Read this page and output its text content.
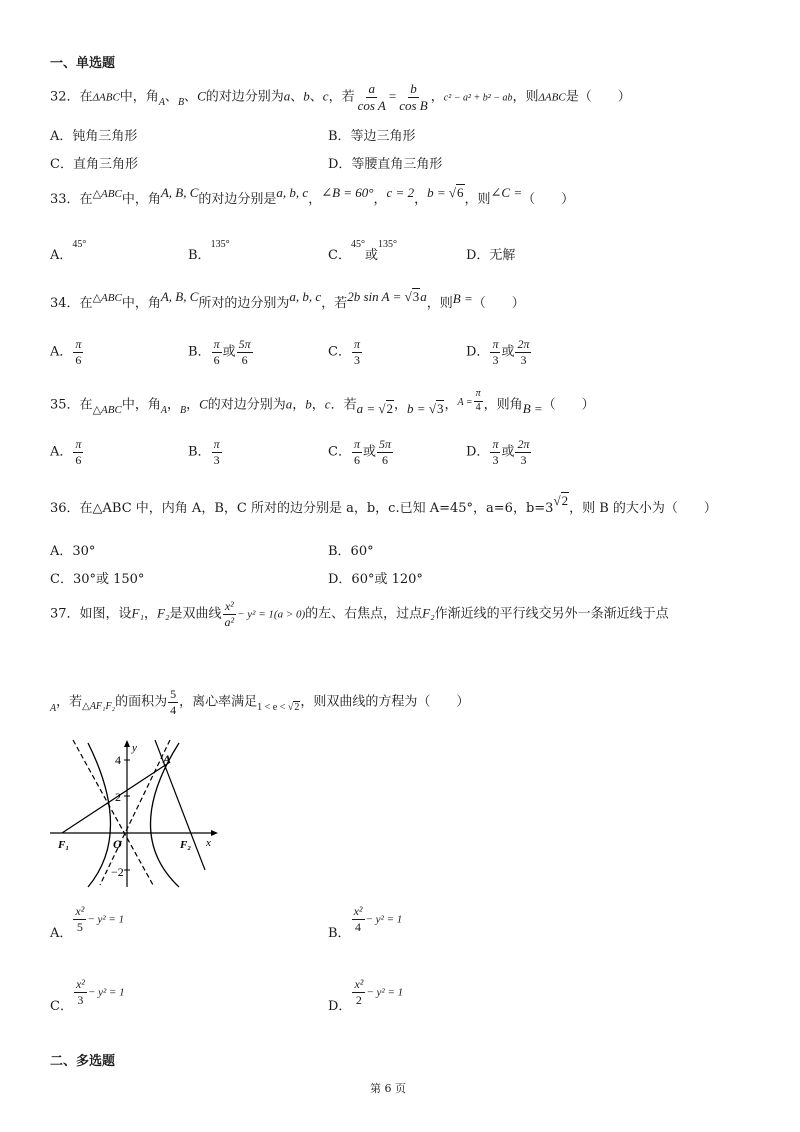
一、单选题
32．在ΔABC中，角$_A$、$_B$、C的对边分别为a、b、c，若 $\frac{a}{\text{cos A}} = \frac{b}{\text{cos B}}$ ，c² − a² + b² − ab，则ΔABC是（　　）
A．钝角三角形	B．等边三角形
C．直角三角形	D．等腰直角三角形
33．在$^{\triangle ABC}$中，角A, B, C的对边分别是a, b, c，∠B = 60°，c = 2，b = √6，则∠C =（　　）
A．45°
B．135°
C．45°或135°
D．无解
34．在$^{\triangle ABC}$中，角A, B, C所对的边分别为a, b, c，若2b sin A = √3a，则B =（　　）
A． $\frac{\pi}{6}$	B． $\frac{\pi}{6}$ 或 $\frac{5\pi}{6}$	C． $\frac{\pi}{3}$	D． $\frac{\pi}{3}$ 或 $\frac{2\pi}{3}$
35．在$_{\triangle ABC}$中，角$_A$，$_B$，C的对边分别为a，b，c．若a = √2，b = √3，$^{A =} \frac{\pi}{4}$ ，则角B =（　　）
A． $\frac{\pi}{6}$	B． $\frac{\pi}{3}$	C． $\frac{\pi}{6}$ 或 $\frac{5\pi}{6}$	D． $\frac{\pi}{3}$ 或 $\frac{2\pi}{3}$
36．在△ABC 中，内角 A，B，C 所对的边分别是 a，b，c.已知 A=45°，a=6，b=3√2，则 B 的大小为（　　）
A．30°	B．60°
C．30°或 150°	D．60°或 120°
37．如图，设F₁，F₂是双曲线 $\frac{\text{x²}}{\text{a²}} - y^2 = 1(a > 0)$的左、右焦点，过点F₂作渐近线的平行线交另外一条渐近线于点
$_A$，若$_{\triangle AF_1F_2}$的面积为 $\frac{5}{4}$ ，离心率满足$_{1 < e < √2}$，则双曲线的方程为（　　）
y
x
A
F₁	F₂
O
4
2
−2
A． $\frac{\text{x²}}{5} - y^2 = 1$
B． $\frac{\text{x²}}{4} - y^2 = 1$
C． $\frac{\text{x²}}{3} - y^2 = 1$
D． $\frac{\text{x²}}{2} - y^2 = 1$
二、多选题
第 6 页
